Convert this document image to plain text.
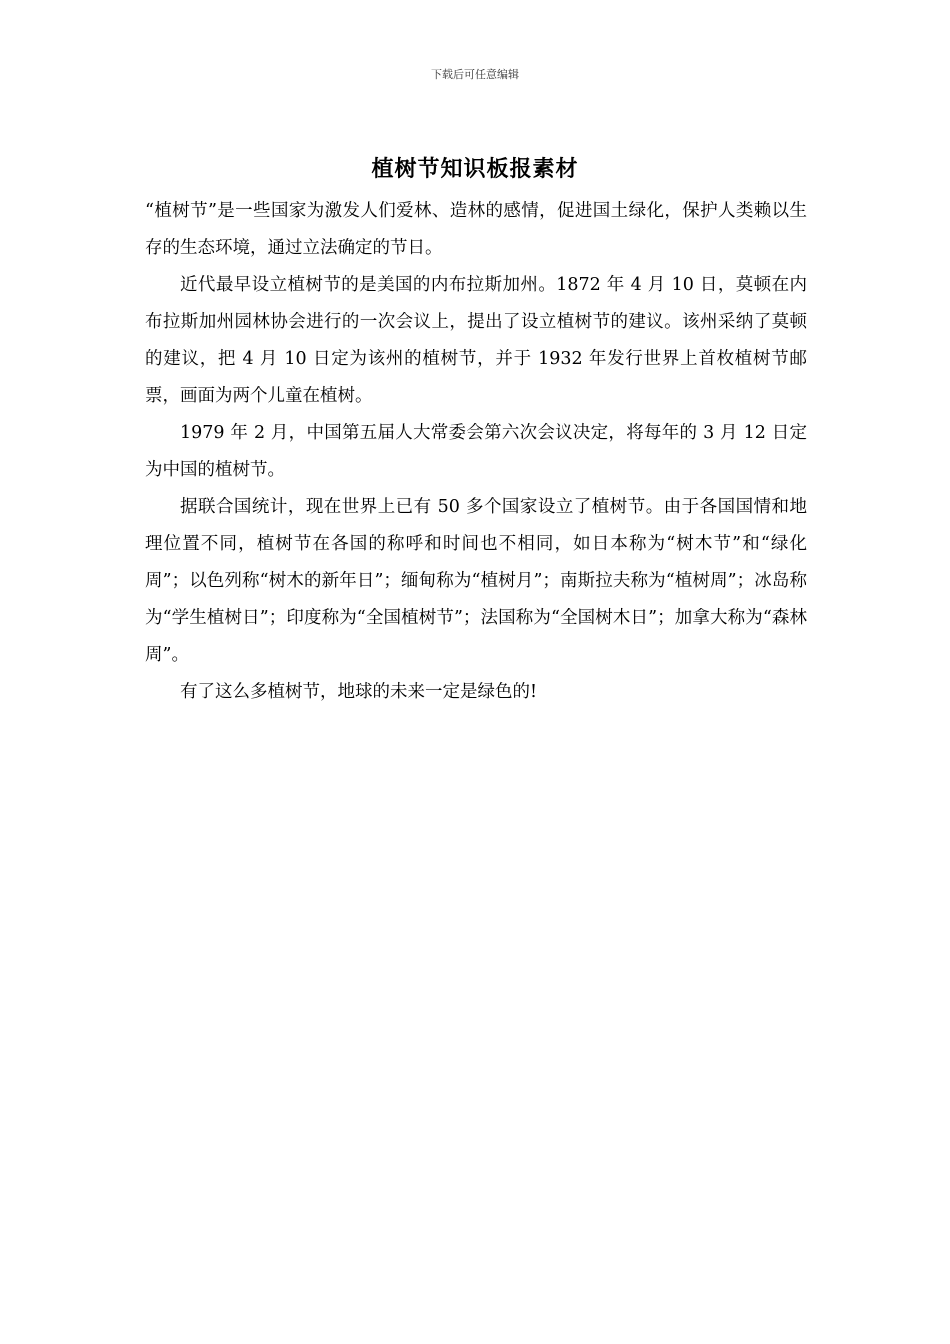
下载后可任意编辑
植树节知识板报素材

“植树节”是一些国家为激发人们爱林、造林的感情，促进国土绿化，保护人类赖以生存的生态环境，通过立法确定的节日。

近代最早设立植树节的是美国的内布拉斯加州。1872 年 4 月 10 日，莫顿在内布拉斯加州园林协会进行的一次会议上，提出了设立植树节的建议。该州采纳了莫顿的建议，把 4 月 10 日定为该州的植树节，并于 1932 年发行世界上首枚植树节邮票，画面为两个儿童在植树。

1979 年 2 月，中国第五届人大常委会第六次会议决定，将每年的 3 月 12 日定为中国的植树节。

据联合国统计，现在世界上已有 50 多个国家设立了植树节。由于各国国情和地理位置不同，植树节在各国的称呼和时间也不相同，如日本称为“树木节”和“绿化周”；以色列称“树木的新年日”；缅甸称为“植树月”；南斯拉夫称为“植树周”；冰岛称为“学生植树日”；印度称为“全国植树节”；法国称为“全国树木日”；加拿大称为“森林周”。

有了这么多植树节，地球的未来一定是绿色的!
